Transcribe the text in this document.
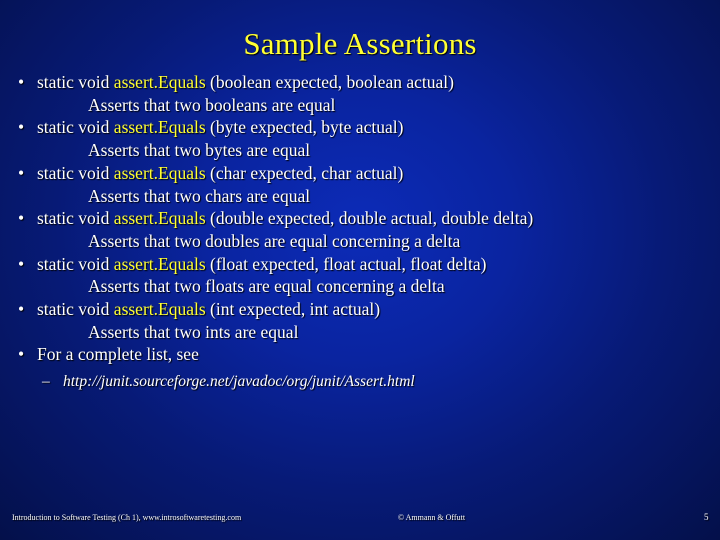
Sample Assertions
• static void assert.Equals (boolean expected, boolean actual)
Asserts that two booleans are equal
• static void assert.Equals (byte expected, byte actual)
Asserts that two bytes are equal
• static void assert.Equals (char expected, char actual)
Asserts that two chars are equal
• static void assert.Equals (double expected, double actual, double delta)
Asserts that two doubles are equal concerning a delta
• static void assert.Equals (float expected, float actual, float delta)
Asserts that two floats are equal concerning a delta
• static void assert.Equals (int expected, int actual)
Asserts that two ints are equal
• For a complete list, see
– http://junit.sourceforge.net/javadoc/org/junit/Assert.html
Introduction to Software Testing (Ch 1), www.introsoftwaretesting.com	© Ammann & Offutt	5
